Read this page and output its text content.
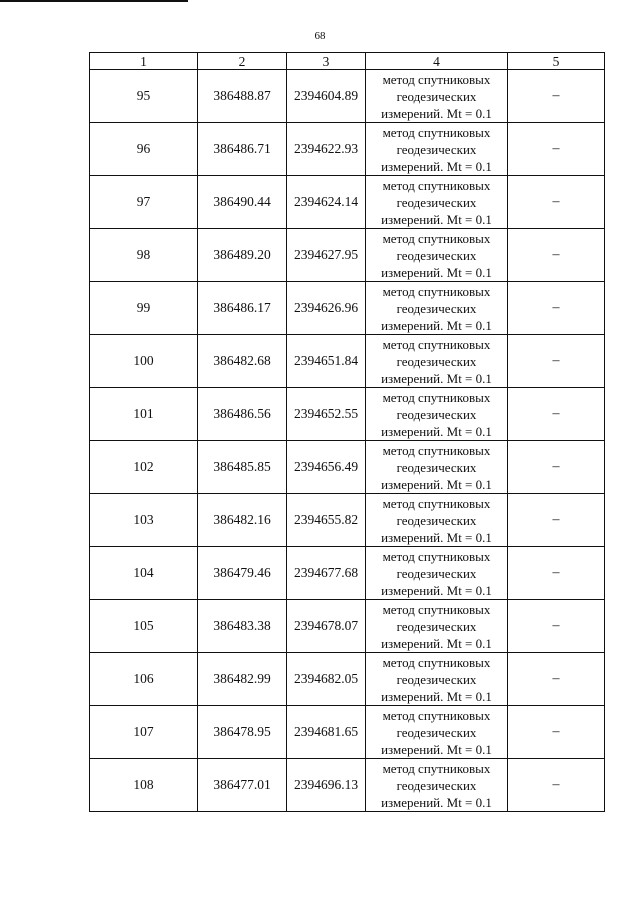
68
1	2	3	4	5
95	386488.87	2394604.89	метод спутниковых
геодезических
измерений. Mt = 0.1	–
96	386486.71	2394622.93	метод спутниковых
геодезических
измерений. Mt = 0.1	–
97	386490.44	2394624.14	метод спутниковых
геодезических
измерений. Mt = 0.1	–
98	386489.20	2394627.95	метод спутниковых
геодезических
измерений. Mt = 0.1	–
99	386486.17	2394626.96	метод спутниковых
геодезических
измерений. Mt = 0.1	–
100	386482.68	2394651.84	метод спутниковых
геодезических
измерений. Mt = 0.1	–
101	386486.56	2394652.55	метод спутниковых
геодезических
измерений. Mt = 0.1	–
102	386485.85	2394656.49	метод спутниковых
геодезических
измерений. Mt = 0.1	–
103	386482.16	2394655.82	метод спутниковых
геодезических
измерений. Mt = 0.1	–
104	386479.46	2394677.68	метод спутниковых
геодезических
измерений. Mt = 0.1	–
105	386483.38	2394678.07	метод спутниковых
геодезических
измерений. Mt = 0.1	–
106	386482.99	2394682.05	метод спутниковых
геодезических
измерений. Mt = 0.1	–
107	386478.95	2394681.65	метод спутниковых
геодезических
измерений. Mt = 0.1	–
108	386477.01	2394696.13	метод спутниковых
геодезических
измерений. Mt = 0.1	–
